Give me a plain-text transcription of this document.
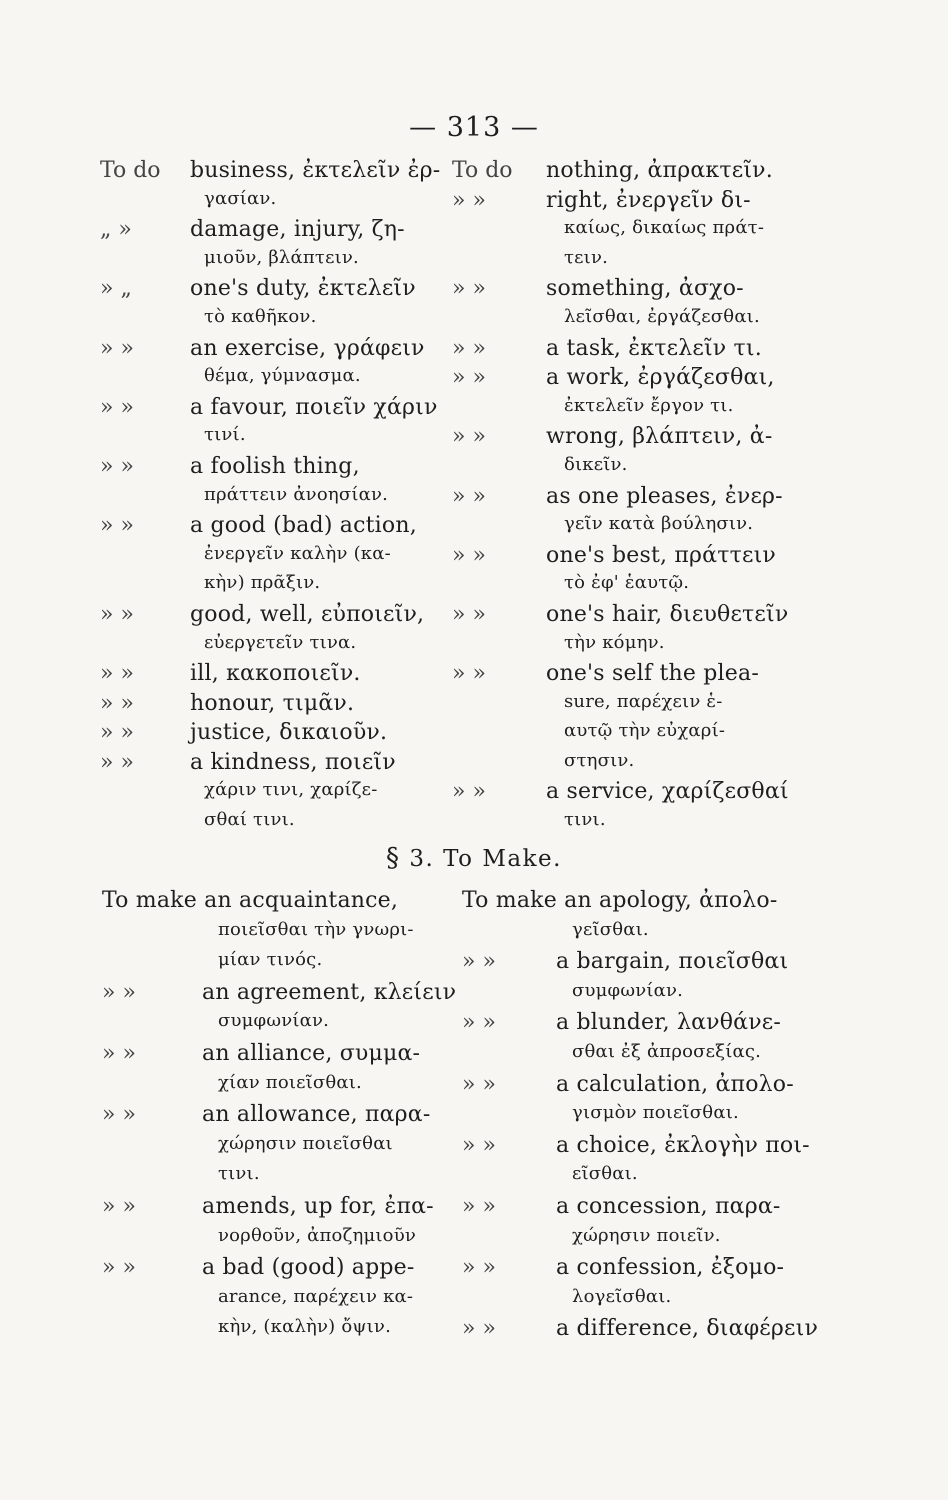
— 313 —
To do business, ἐκτελεῖν ἐρ-
γασίαν.
„ »	damage, injury, ζη-
μιοῦν, βλάπτειν.
» „	one's duty, ἐκτελεῖν
τὸ καθῆκον.
» »	an exercise, γράφειν
θέμα, γύμνασμα.
» »	a favour, ποιεῖν χάριν
τινί.
» »	a foolish thing,
πράττειν ἀνοησίαν.
» »	a good (bad) action,
ἐνεργεῖν καλὴν (κα-
κὴν) πρᾶξιν.
» »	good, well, εὐποιεῖν,
εὐεργετεῖν τινα.
» »	ill, κακοποιεῖν.
» »	honour, τιμᾶν.
» »	justice, δικαιοῦν.
» »	a kindness, ποιεῖν
χάριν τινι, χαρίζε-
σθαί τινι.
To do nothing, ἀπρακτεῖν.
» »	right, ἐνεργεῖν δι-
καίως, δικαίως πράτ-
τειν.
» »	something, ἀσχο-
λεῖσθαι, ἐργάζεσθαι.
» »	a task, ἐκτελεῖν τι.
» »	a work, ἐργάζεσθαι,
ἐκτελεῖν ἔργον τι.
» »	wrong, βλάπτειν, ἀ-
δικεῖν.
» »	as one pleases, ἐνερ-
γεῖν κατὰ βούλησιν.
» »	one's best, πράττειν
τὸ ἐφ' ἑαυτῷ.
» »	one's hair, διευθετεῖν
τὴν κόμην.
» »	one's self the plea-
sure, παρέχειν ἑ-
αυτῷ τὴν εὐχαρί-
στησιν.
» »	a service, χαρίζεσθαί
τινι.
§ 3. To Make.
To make an acquaintance,
ποιεῖσθαι τὴν γνωρι-
μίαν τινός.
» »	an agreement, κλείειν
συμφωνίαν.
» »	an alliance, συμμα-
χίαν ποιεῖσθαι.
» »	an allowance, παρα-
χώρησιν ποιεῖσθαι
τινι.
» »	amends, up for, ἐπα-
νορθοῦν, ἀποζημιοῦν
» »	a bad (good) appe-
arance, παρέχειν κα-
κὴν, (καλὴν) ὄψιν.
To make an apology, ἀπολο-
γεῖσθαι.
» »	a bargain, ποιεῖσθαι
συμφωνίαν.
» »	a blunder, λανθάνε-
σθαι ἐξ ἀπροσεξίας.
» »	a calculation, ἀπολο-
γισμὸν ποιεῖσθαι.
» »	a choice, ἐκλογὴν ποι-
εῖσθαι.
» »	a concession, παρα-
χώρησιν ποιεῖν.
» »	a confession, ἐξομο-
λογεῖσθαι.
» »	a difference, διαφέρειν
